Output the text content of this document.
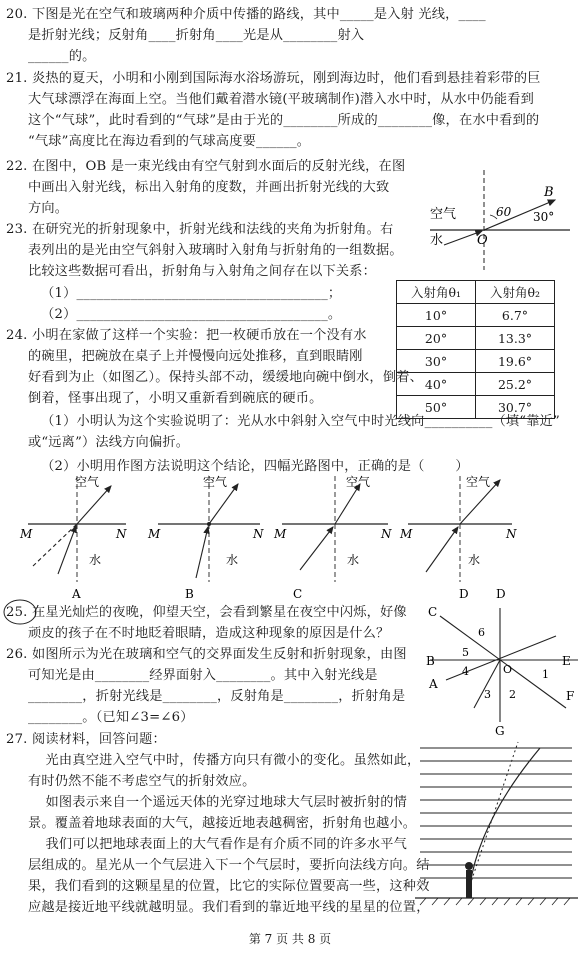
20. 下图是光在空气和玻璃两种介质中传播的路线，其中_____是入射 光线，____
是折射光线；反射角____折射角____光是从________射入
______的。
21. 炎热的夏天，小明和小刚到国际海水浴场游玩，刚到海边时，他们看到悬挂着彩带的巨
大气球漂浮在海面上空。当他们戴着潜水镜(平玻璃制作)潜入水中时，从水中仍能看到
这个“气球”，此时看到的“气球”是由于光的________所成的________像，在水中看到的
“气球”高度比在海边看到的气球高度要______。
22. 在图中，OB 是一束光线由有空气射到水面后的反射光线，在图
中画出入射光线，标出入射角的度数，并画出折射光线的大致
方向。
23. 在研究光的折射现象中，折射光线和法线的夹角为折射角。右
表列出的是光由空气斜射入玻璃时入射角与折射角的一组数据。
比较这些数据可看出，折射角与入射角之间存在以下关系：
（1）_____________________________________；
（2）_____________________________________。
24. 小明在家做了这样一个实验：把一枚硬币放在一个没有水
的碗里，把碗放在桌子上并慢慢向远处推移，直到眼睛刚
好看到为止（如图乙）。保持头部不动，缓缓地向碗中倒水，倒着、
倒着，怪事出现了，小明又重新看到碗底的硬币。
（1）小明认为这个实验说明了：光从水中斜射入空气中时光线向__________（填“靠近”
或“远离”）法线方向偏折。
（2）小明用作图方法说明这个结论，四幅光路图中，正确的是（       ）
25. 在星光灿烂的夜晚，仰望天空，会看到繁星在夜空中闪烁，好像
顽皮的孩子在不时地眨着眼睛，造成这种现象的原因是什么？
26. 如图所示为光在玻璃和空气的交界面发生反射和折射现象，由图
可知光是由________经界面射入________。其中入射光线是
________，折射光线是________，反射角是________，折射角是
________。（已知∠3=∠6）
27. 阅读材料，回答问题：
光由真空进入空气中时，传播方向只有微小的变化。虽然如此，
有时仍然不能不考虑空气的折射效应。
如图表示来自一个遥远天体的光穿过地球大气层时被折射的情
景。覆盖着地球表面的大气，越接近地表越稠密，折射角也越小。
我们可以把地球表面上的大气看作是有介质不同的许多水平气
层组成的。星光从一个气层进入下一个气层时，要折向法线方向。结
果，我们看到的这颗星星的位置，比它的实际位置要高一些，这种效
应越是接近地平线就越明显。我们看到的靠近地平线的星星的位置，
入射角θ₁	入射角θ₂
10°	6.7°
20°	13.3°
30°	19.6°
40°	25.2°
50°	30.7°
空气
水	O
B
60 30°
空气
M	N
水
A
空气
M	N
水
B
空气
M	N
水
C
空气
M	N
水
D
C
D
B	E
A
F
G
O
6
5
4
3 2
1
第 7 页 共 8 页
